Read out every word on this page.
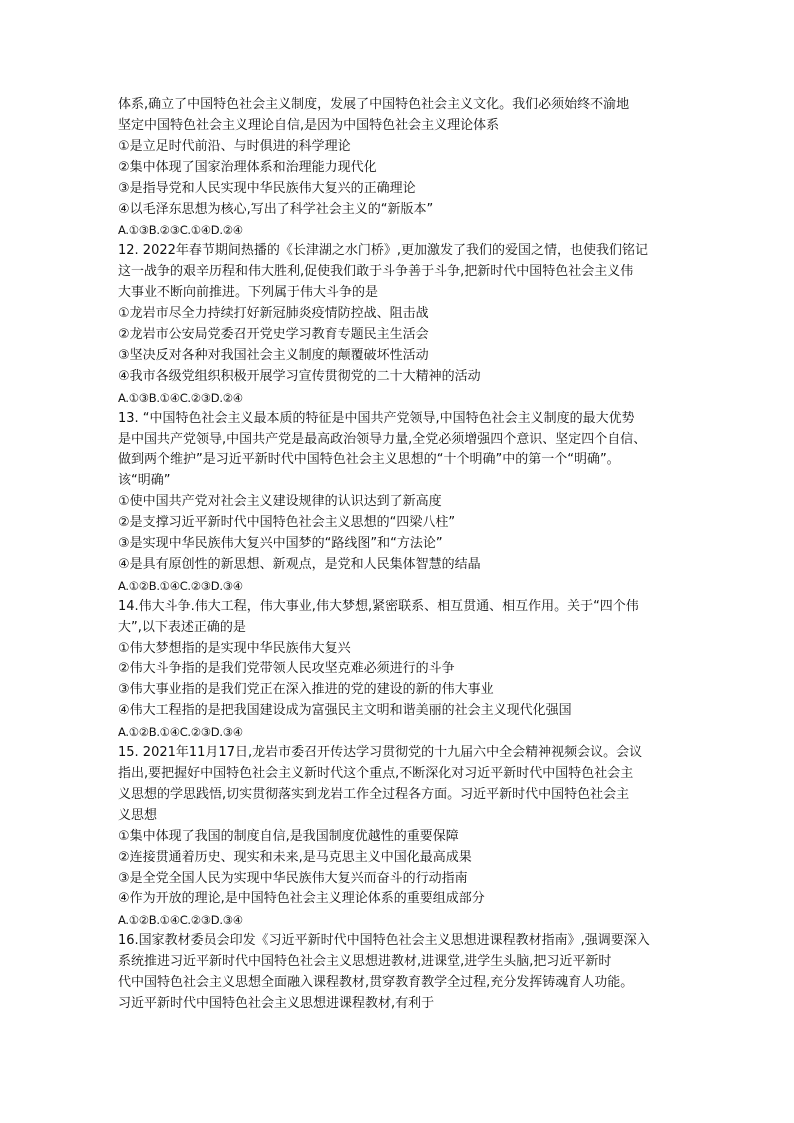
体系,确立了中国特色社会主义制度，发展了中国特色社会主义文化。我们必须始终不渝地
坚定中国特色社会主义理论自信,是因为中国特色社会主义理论体系
①是立足时代前沿、与时俱进的科学理论
②集中体现了国家治理体系和治理能力现代化
③是指导党和人民实现中华民族伟大复兴的正确理论
④以毛泽东思想为核心,写出了科学社会主义的“新版本”
A.①③B.②③C.①④D.②④
12. 2022年春节期间热播的《长津湖之水门桥》,更加激发了我们的爱国之情，也使我们铭记
这一战争的艰辛历程和伟大胜利,促使我们敢于斗争善于斗争,把新时代中国特色社会主义伟
大事业不断向前推进。下列属于伟大斗争的是
①龙岩市尽全力持续打好新冠肺炎疫情防控战、阻击战
②龙岩市公安局党委召开党史学习教育专题民主生活会
③坚决反对各种对我国社会主义制度的颠覆破坏性活动
④我市各级党组织积极开展学习宣传贯彻党的二十大精神的活动
A.①③B.①④C.②③D.②④
13. “中国特色社会主义最本质的特征是中国共产党领导,中国特色社会主义制度的最大优势
是中国共产党领导,中国共产党是最高政治领导力量,全党必须增强四个意识、坚定四个自信、
做到两个维护”是习近平新时代中国特色社会主义思想的“十个明确”中的第一个“明确”。
该“明确”
①使中国共产党对社会主义建设规律的认识达到了新高度
②是支撑习近平新时代中国特色社会主义思想的“四梁八柱”
③是实现中华民族伟大复兴中国梦的“路线图”和“方法论”
④是具有原创性的新思想、新观点，是党和人民集体智慧的结晶
A.①②B.①④C.②③D.③④
14.伟大斗争.伟大工程，伟大事业,伟大梦想,紧密联系、相互贯通、相互作用。关于“四个伟
大”,以下表述正确的是
①伟大梦想指的是实现中华民族伟大复兴
②伟大斗争指的是我们党带领人民攻坚克难必须进行的斗争
③伟大事业指的是我们党正在深入推进的党的建设的新的伟大事业
④伟大工程指的是把我国建设成为富强民主文明和谐美丽的社会主义现代化强国
A.①②B.①④C.②③D.③④
15. 2021年11月17日,龙岩市委召开传达学习贯彻党的十九届六中全会精神视频会议。会议
指出,要把握好中国特色社会主义新时代这个重点,不断深化对习近平新时代中国特色社会主
义思想的学思践悟,切实贯彻落实到龙岩工作全过程各方面。习近平新时代中国特色社会主
义思想
①集中体现了我国的制度自信,是我国制度优越性的重要保障
②连接贯通着历史、现实和未来,是马克思主义中国化最高成果
③是全党全国人民为实现中华民族伟大复兴而奋斗的行动指南
④作为开放的理论,是中国特色社会主义理论体系的重要组成部分
A.①②B.①④C.②③D.③④
16.国家教材委员会印发《习近平新时代中国特色社会主义思想进课程教材指南》,强调要深入
系统推进习近平新时代中国特色社会主义思想进教材,进课堂,进学生头脑,把习近平新时
代中国特色社会主义思想全面融入课程教材,贯穿教育教学全过程,充分发挥铸魂育人功能。
习近平新时代中国特色社会主义思想进课程教材,有利于
